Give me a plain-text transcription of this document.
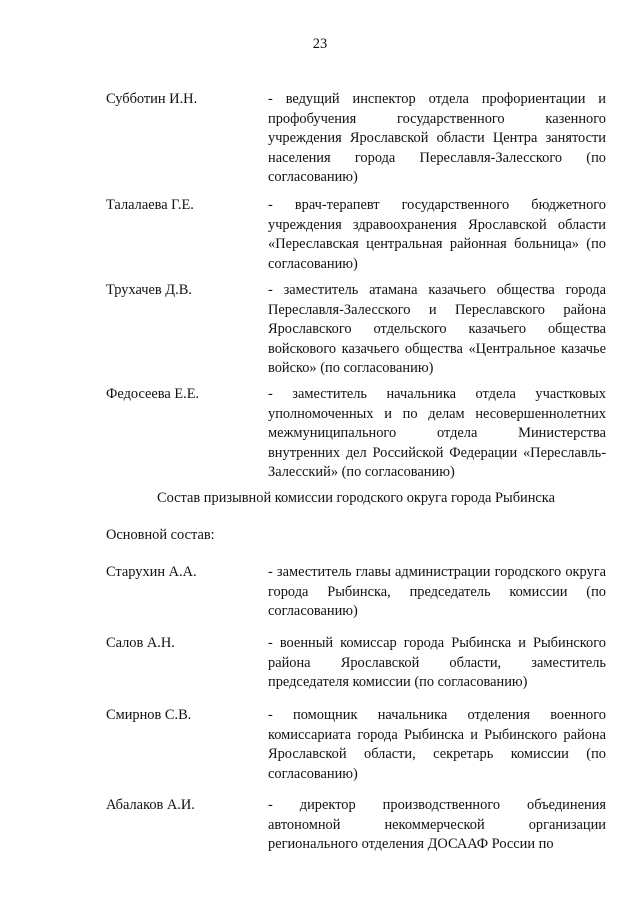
23
Субботин И.Н.	- ведущий инспектор отдела профориентации и профобучения государственного казенного учреждения Ярославской области Центра занятости населения города Переславля-Залесского (по согласованию)
Талалаева Г.Е.	- врач-терапевт государственного бюджетного учреждения здравоохранения Ярославской области «Переславская центральная районная больница» (по согласованию)
Трухачев Д.В.	- заместитель атамана казачьего общества города Переславля-Залесского и Переславского района Ярославского отдельского казачьего общества войскового казачьего общества «Центральное казачье войско» (по согласованию)
Федосеева Е.Е.	- заместитель начальника отдела участковых уполномоченных и по делам несовершеннолетних межмуниципального отдела Министерства внутренних дел Российской Федерации «Переславль-Залесский» (по согласованию)
Состав призывной комиссии городского округа города Рыбинска
Основной состав:
Старухин А.А.	- заместитель главы администрации городского округа города Рыбинска, председатель комиссии (по согласованию)
Салов А.Н.	- военный комиссар города Рыбинска и Рыбинского района Ярославской области, заместитель председателя комиссии (по согласованию)
Смирнов С.В.	- помощник начальника отделения военного комиссариата города Рыбинска и Рыбинского района Ярославской области, секретарь комиссии (по согласованию)
Абалаков А.И.	- директор производственного объединения автономной некоммерческой организации регионального отделения ДОСААФ России по
